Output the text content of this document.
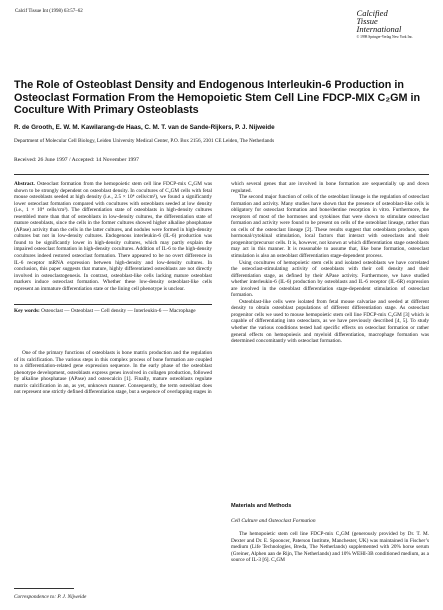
Calcif Tissue Int (1998) 63:57–62	Calcified
Tissue
International
© 1998 Springer-Verlag New York Inc.
The Role of Osteoblast Density and Endogenous Interleukin-6 Production in Osteoclast Formation From the Hemopoietic Stem Cell Line FDCP-MIX C₂GM in Coculture With Primary Osteoblasts
R. de Grooth, E. W. M. Kawilarang-de Haas, C. M. T. van de Sande-Rijkers, P. J. Nijweide
Department of Molecular Cell Biology, Leiden University Medical Center, P.O. Box 2156, 2301 CE Leiden, The Netherlands
Received: 26 June 1997 / Accepted: 14 November 1997
Abstract. Osteoclast formation from the hemopoietic stem cell line FDCP-mix C₂GM was shown to be strongly dependent on osteoblast density. In cocultures of C₂GM cells with fetal mouse osteoblasts seeded at high density (i.e., 2.5 × 10⁴ cells/cm²), we found a significantly lower osteoclast formation compared with cocultures with osteoblasts seeded at low density (i.e., 1 × 10⁴ cells/cm²). The differentiation state of osteoblasts in high-density cultures resembled more than that of osteoblasts in low-density cultures, the differentiation state of mature osteoblasts, since the cells in the former cultures showed higher alkaline phosphatase (APase) activity than the cells in the latter cultures, and nodules were formed in high-density cultures but not in low-density cultures. Endogenous interleukin-6 (IL-6) production was found to be significantly lower in high-density cultures, which may partly explain the impaired osteoclast formation in high-density cocultures. Addition of IL-6 to the high-density cocultures indeed restored osteoclast formation. There appeared to be no overt difference in IL-6 receptor mRNA expression between high-density and low-density cultures. In conclusion, this paper suggests that mature, highly differentiated osteoblasts are not directly involved in osteoclastogenesis. In contrast, osteoblast-like cells lacking mature osteoblast markers induce osteoclast formation. Whether these low-density osteoblast-like cells represent an immature differentiation state or the lining cell phenotype is unclear.
Key words: Osteoclast — Osteoblast — Cell density — Interleukin-6 — Macrophage

One of the primary functions of osteoblasts is bone matrix production and the regulation of its calcification. The various steps in this complex process of bone formation are coupled to a differentiation-related gene expression sequence. In the early phase of the osteoblast phenotype development, osteoblasts express genes involved in collagen production, followed by alkaline phosphatase (APase) and osteocalcin [1]. Finally, mature osteoblasts regulate matrix calcification in an, as yet, unknown manner. Consequently, the term osteoblast does not represent one strictly defined differentiation stage, but a sequence of overlapping stages in

Correspondence to: P. J. Nijweide

which several genes that are involved in bone formation are sequentially up and down regulated.

The second major function of cells of the osteoblast lineage is the regulation of osteoclast formation and activity. Many studies have shown that the presence of osteoblast-like cells is obligatory for osteoclast formation and bone/dentine resorption in vitro. Furthermore, the receptors of most of the hormones and cytokines that were shown to stimulate osteoclast formation and activity were found to be present on cells of the osteoblast lineage, rather than on cells of the osteoclast lineage [2]. These results suggest that osteoblasts produce, upon hormonal/cytokinal stimulation, local factors that interact with osteoclasts and their progenitor/precursor cells. It is, however, not known at which differentiation stage osteoblasts may act in this manner. It is reasonable to assume that, like bone formation, osteoclast stimulation is also an osteoblast differentiation stage-dependent process.

Using cocultures of hemopoietic stem cells and isolated osteoblasts we have correlated the osteoclast-stimulating activity of osteoblasts with their cell density and their differentiation stage, as defined by their APase activity. Furthermore, we have studied whether interleukin-6 (IL-6) production by osteoblasts and IL-6 receptor (IL-6R) expression are involved in the osteoblast differentiation stage-dependent stimulation of osteoclast formation.

Osteoblast-like cells were isolated from fetal mouse calvariae and seeded at different density to obtain osteoblast populations of different differentiation stage. As osteoclast progenitor cells we used to mouse hemopoietic stem cell line FDCP-mix C₂GM [3] which is capable of differentiating into osteoclasts, as we have previously described [4, 5]. To study whether the various conditions tested had specific effects on osteoclast formation or rather general effects on hemopoiesis and myeloid differentiation, macrophage formation was determined concomitantly with osteoclast formation.

Materials and Methods
Cell Culture and Osteoclast Formation

The hemopoietic stem cell line FDCP-mix C₂GM (generously provided by Dr. T. M. Dexter and Dr. E. Spooncer, Paterson Institute, Manchester, UK) was maintained in Fischer’s medium (Life Technologies, Breda, The Netherlands) supplemented with 20% horse serum (Greiner, Alphen aan de Rijn, The Netherlands) and 10% WEHI-3B conditioned medium, as a source of IL-3 [6]. C₂GM
